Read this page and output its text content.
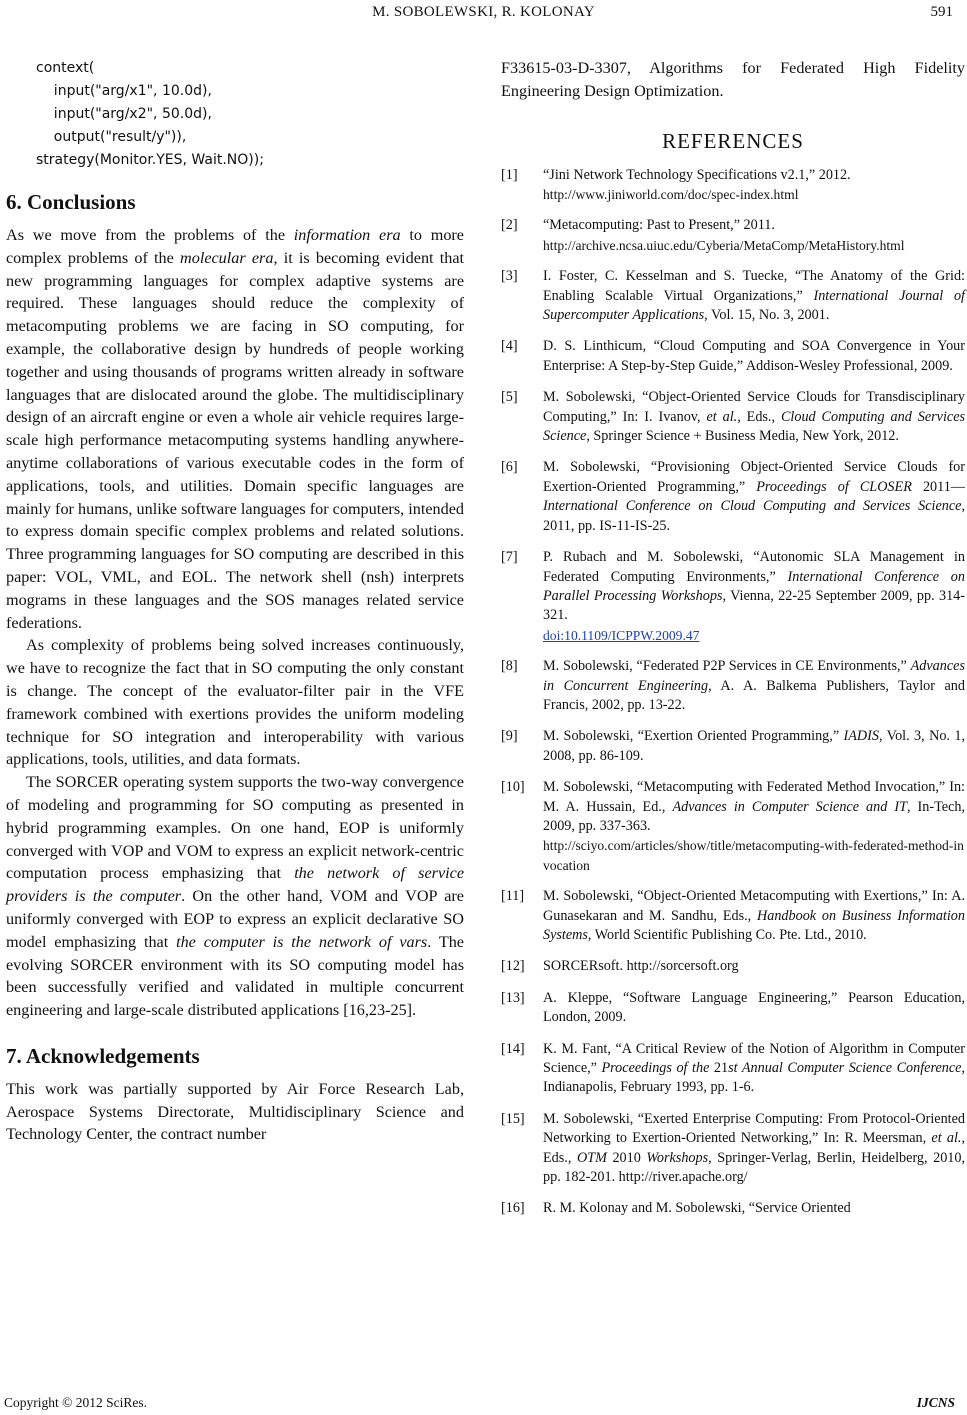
M. SOBOLEWSKI, R. KOLONAY	591
context(
input("arg/x1", 10.0d),
input("arg/x2", 50.0d),
output("result/y")),
strategy(Monitor.YES, Wait.NO));
6. Conclusions

As we move from the problems of the information era to more complex problems of the molecular era, it is becoming evident that new programming languages for complex adaptive systems are required. These languages should reduce the complexity of metacomputing problems we are facing in SO computing, for example, the collaborative design by hundreds of people working together and using thousands of programs written already in software languages that are dislocated around the globe. The multidisciplinary design of an aircraft engine or even a whole air vehicle requires large-scale high performance metacomputing systems handling anywhere-anytime collaborations of various executable codes in the form of applications, tools, and utilities. Domain specific languages are mainly for humans, unlike software languages for computers, intended to express domain specific complex problems and related solutions. Three programming languages for SO computing are described in this paper: VOL, VML, and EOL. The network shell (nsh) interprets mograms in these languages and the SOS manages related service federations.

As complexity of problems being solved increases continuously, we have to recognize the fact that in SO computing the only constant is change. The concept of the evaluator-filter pair in the VFE framework combined with exertions provides the uniform modeling technique for SO integration and interoperability with various applications, tools, utilities, and data formats.

The SORCER operating system supports the two-way convergence of modeling and programming for SO computing as presented in hybrid programming examples. On one hand, EOP is uniformly converged with VOP and VOM to express an explicit network-centric computation process emphasizing that the network of service providers is the computer. On the other hand, VOM and VOP are uniformly converged with EOP to express an explicit declarative SO model emphasizing that the computer is the network of vars. The evolving SORCER environment with its SO computing model has been successfully verified and validated in multiple concurrent engineering and large-scale distributed applications [16,23-25].

7. Acknowledgements

This work was partially supported by Air Force Research Lab, Aerospace Systems Directorate, Multidisciplinary Science and Technology Center, the contract number

F33615-03-D-3307, Algorithms for Federated High Fidelity Engineering Design Optimization.

REFERENCES
[1] “Jini Network Technology Specifications v2.1,” 2012.
http://www.jiniworld.com/doc/spec-index.html
[2] “Metacomputing: Past to Present,” 2011.
http://archive.ncsa.uiuc.edu/Cyberia/MetaComp/MetaHistory.html
[3] I. Foster, C. Kesselman and S. Tuecke, “The Anatomy of the Grid: Enabling Scalable Virtual Organizations,” International Journal of Supercomputer Applications, Vol. 15, No. 3, 2001.
[4] D. S. Linthicum, “Cloud Computing and SOA Convergence in Your Enterprise: A Step-by-Step Guide,” Addison-Wesley Professional, 2009.
[5] M. Sobolewski, “Object-Oriented Service Clouds for Transdisciplinary Computing,” In: I. Ivanov, et al., Eds., Cloud Computing and Services Science, Springer Science + Business Media, New York, 2012.
[6] M. Sobolewski, “Provisioning Object-Oriented Service Clouds for Exertion-Oriented Programming,” Proceedings of CLOSER 2011—International Conference on Cloud Computing and Services Science, 2011, pp. IS-11-IS-25.
[7] P. Rubach and M. Sobolewski, “Autonomic SLA Management in Federated Computing Environments,” International Conference on Parallel Processing Workshops, Vienna, 22-25 September 2009, pp. 314-321.
doi:10.1109/ICPPW.2009.47
[8] M. Sobolewski, “Federated P2P Services in CE Environments,” Advances in Concurrent Engineering, A. A. Balkema Publishers, Taylor and Francis, 2002, pp. 13-22.
[9] M. Sobolewski, “Exertion Oriented Programming,” IADIS, Vol. 3, No. 1, 2008, pp. 86-109.
[10] M. Sobolewski, “Metacomputing with Federated Method Invocation,” In: M. A. Hussain, Ed., Advances in Computer Science and IT, In-Tech, 2009, pp. 337-363.
http://sciyo.com/articles/show/title/metacomputing-with-federated-method-invocation
[11] M. Sobolewski, “Object-Oriented Metacomputing with Exertions,” In: A. Gunasekaran and M. Sandhu, Eds., Handbook on Business Information Systems, World Scientific Publishing Co. Pte. Ltd., 2010.
[12] SORCERsoft. http://sorcersoft.org
[13] A. Kleppe, “Software Language Engineering,” Pearson Education, London, 2009.
[14] K. M. Fant, “A Critical Review of the Notion of Algorithm in Computer Science,” Proceedings of the 21st Annual Computer Science Conference, Indianapolis, February 1993, pp. 1-6.
[15] M. Sobolewski, “Exerted Enterprise Computing: From Protocol-Oriented Networking to Exertion-Oriented Networking,” In: R. Meersman, et al., Eds., OTM 2010 Workshops, Springer-Verlag, Berlin, Heidelberg, 2010, pp. 182-201. http://river.apache.org/
[16] R. M. Kolonay and M. Sobolewski, “Service Oriented
Copyright © 2012 SciRes.	IJCNS
